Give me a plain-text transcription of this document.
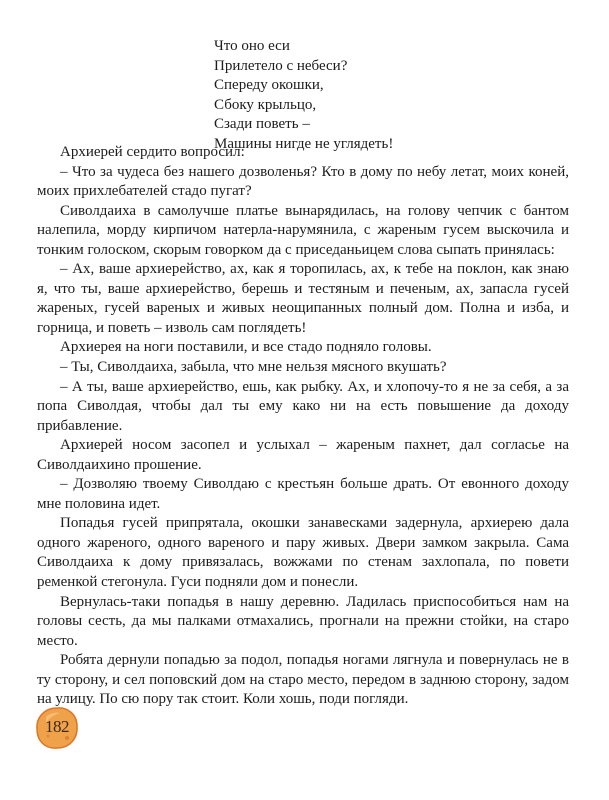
Что оно еси
Прилетело с небеси?
Спереду окошки,
Сбоку крыльцо,
Сзади поветь –
Машины нигде не углядеть!

Архиерей сердито вопросил:

– Что за чудеса без нашего дозволенья? Кто в дому по небу летат, моих коней, моих прихлебателей стадо пугат?

Сиволдаиха в самолучше платье вынарядилась, на голову чепчик с бантом налепила, морду кирпичом натерла-нарумянила, с жареным гусем выскочила и тонким голоском, скорым говорком да с приседаньицем слова сыпать принялась:

– Ах, ваше архиерейство, ах, как я торопилась, ах, к тебе на поклон, как знаю я, что ты, ваше архиерейство, берешь и тестяным и печеным, ах, запасла гусей жареных, гусей вареных и живых неощипанных полный дом. Полна и изба, и горница, и поветь – изволь сам поглядеть!

Архиерея на ноги поставили, и все стадо подняло головы.

– Ты, Сиволдаиха, забыла, что мне нельзя мясного вкушать?

– А ты, ваше архиерейство, ешь, как рыбку. Ах, и хлопочу-то я не за себя, а за попа Сиволдая, чтобы дал ты ему како ни на есть повышение да доходу прибавление.

Архиерей носом засопел и услыхал – жареным пахнет, дал согласье на Сиволдаихино прошение.

– Дозволяю твоему Сиволдаю с крестьян больше драть. От евонного доходу мне половина идет.

Попадья гусей припрятала, окошки занавесками задернула, архиерею дала одного жареного, одного вареного и пару живых. Двери замком закрыла. Сама Сиволдаиха к дому привязалась, вожжами по стенам захлопала, по повети ременкой стегонула. Гуси подняли дом и понесли.

Вернулась-таки попадья в нашу деревню. Ладилась приспособиться нам на головы сесть, да мы палками отмахались, прогнали на прежни стойки, на старо место.

Робята дернули попадью за подол, попадья ногами лягнула и повернулась не в ту сторону, и сел поповский дом на старо место, передом в заднюю сторону, задом на улицу. По сю пору так стоит. Коли хошь, поди погляди.

182
